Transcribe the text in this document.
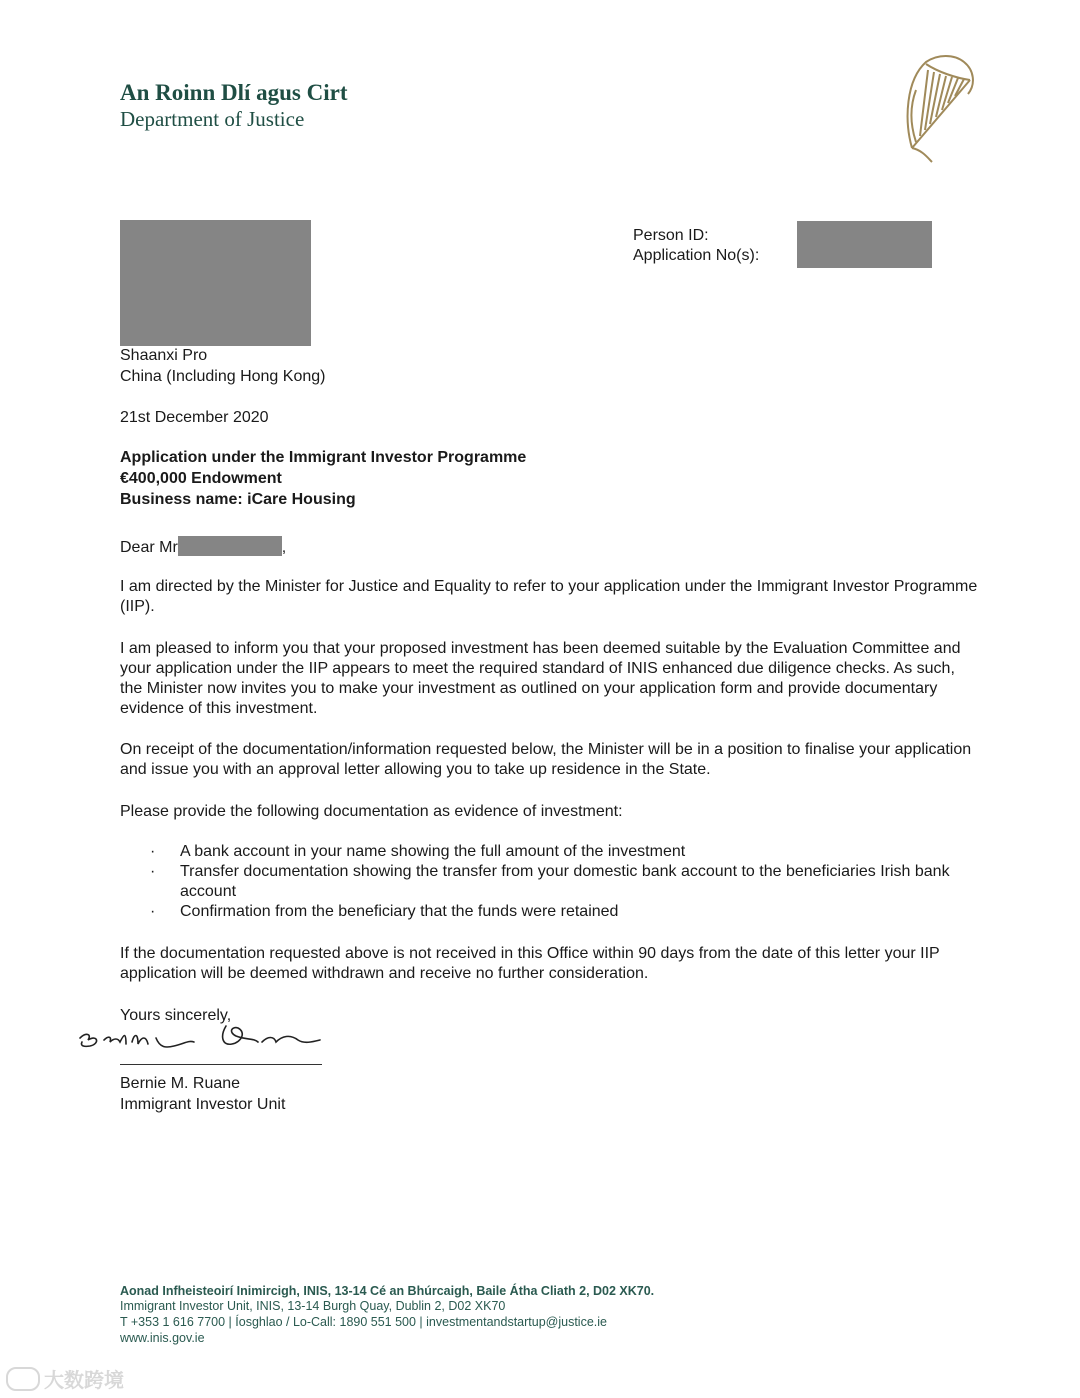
An Roinn Dlí agus Cirt
Department of Justice
Person ID:
Application No(s):
Shaanxi Pro
China (Including Hong Kong)
21st December 2020
Application under the Immigrant Investor Programme
€400,000 Endowment
Business name: iCare Housing
Dear Mr	,
I am directed by the Minister for Justice and Equality to refer to your application under the Immigrant Investor Programme (IIP).
I am pleased to inform you that your proposed investment has been deemed suitable by the Evaluation Committee and your application under the IIP appears to meet the required standard of INIS enhanced due diligence checks. As such, the Minister now invites you to make your investment as outlined on your application form and provide documentary evidence of this investment.
On receipt of the documentation/information requested below, the Minister will be in a position to finalise your application and issue you with an approval letter allowing you to take up residence in the State.
Please provide the following documentation as evidence of investment:
· A bank account in your name showing the full amount of the investment
· Transfer documentation showing the transfer from your domestic bank account to the beneficiaries Irish bank account
· Confirmation from the beneficiary that the funds were retained
If the documentation requested above is not received in this Office within 90 days from the date of this letter your IIP application will be deemed withdrawn and receive no further consideration.
Yours sincerely,
Bernie M. Ruane
Immigrant Investor Unit
Aonad Infheisteoirí Inimircigh, INIS, 13-14 Cé an Bhúrcaigh, Baile Átha Cliath 2, D02 XK70.
Immigrant Investor Unit, INIS, 13-14 Burgh Quay, Dublin 2, D02 XK70
T +353 1 616 7700 | Íosghlao / Lo-Call: 1890 551 500 | investmentandstartup@justice.ie
www.inis.gov.ie
大数跨境
